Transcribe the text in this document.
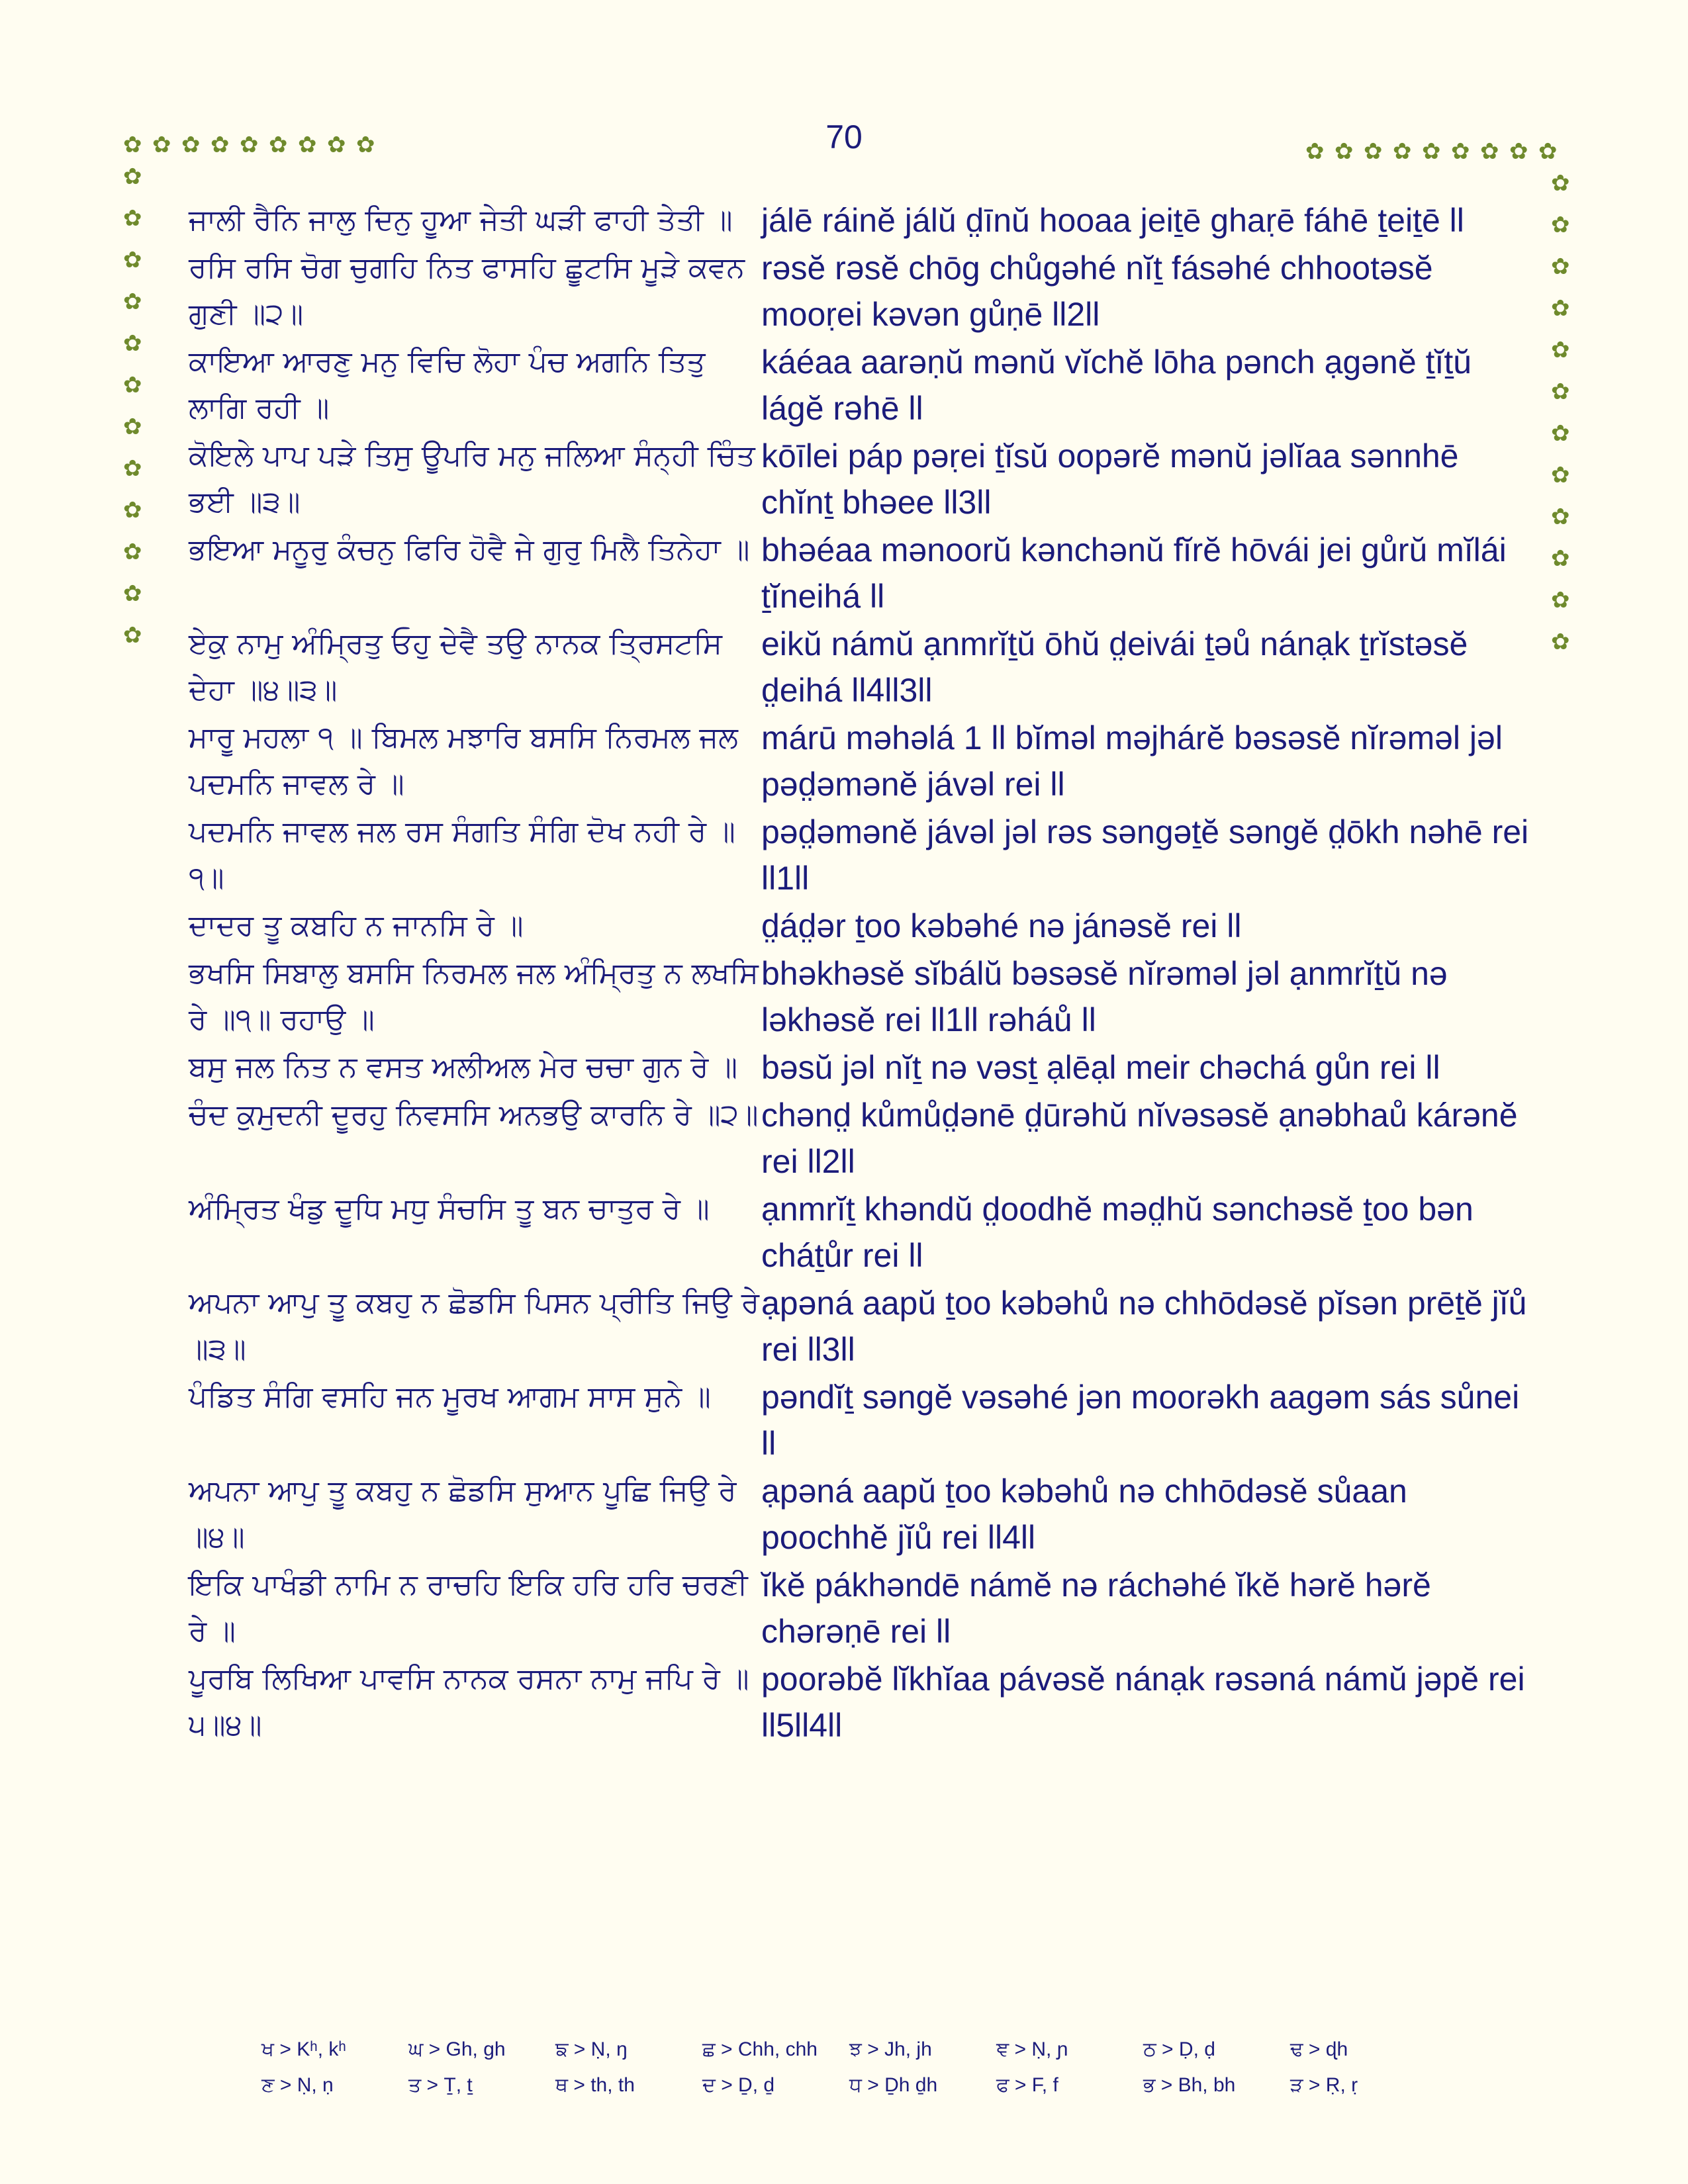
70
✿ ✿ ✿ ✿ ✿ ✿ ✿ ✿ ✿
✿
✿
✿
✿
✿
✿
✿
✿
✿
✿
✿
✿
✿ ✿ ✿ ✿ ✿ ✿ ✿ ✿ ✿
✿
✿
✿
✿
✿
✿
✿
✿
✿
✿
✿
✿
ਜਾਲੀ ਰੈਨਿ ਜਾਲੁ ਦਿਨੁ ਹੂਆ ਜੇਤੀ ਘੜੀ ਫਾਹੀ ਤੇਤੀ ॥ jálē ráinĕ jálŭ d̤īnŭ hooaa jeiṯē ghaṛē fáhē ṯeiṯē ll
ਰਸਿ ਰਸਿ ਚੋਗ ਚੁਗਹਿ ਨਿਤ ਫਾਸਹਿ ਛੂਟਸਿ ਮੂੜੇ ਕਵਨ ਗੁਣੀ ॥੨॥
rəsĕ rəsĕ chōg chůgəhé nĭṯ fásəhé chhootəsĕ mooṛei kəvən gůṇē ll2ll
ਕਾਇਆ ਆਰਣੁ ਮਨੁ ਵਿਚਿ ਲੋਹਾ ਪੰਚ ਅਗਨਿ ਤਿਤੁ ਲਾਗਿ ਰਹੀ ॥
káéaa aarəṇŭ mənŭ vĭchĕ lōha pənch ạgənĕ ṯĭṯŭ lágĕ rəhē ll
ਕੋਇਲੇ ਪਾਪ ਪੜੇ ਤਿਸੁ ਊਪਰਿ ਮਨੁ ਜਲਿਆ ਸੰਨ੍ਹੀ ਚਿੰਤ ਭਈ ॥੩॥
kōīlei páp pəṛei ṯĭsŭ oopərĕ mənŭ jəlĭaa sənnhē chĭnṯ bhəee ll3ll
ਭਇਆ ਮਨੂਰੁ ਕੰਚਨੁ ਫਿਰਿ ਹੋਵੈ ਜੇ ਗੁਰੁ ਮਿਲੈ ਤਿਨੇਹਾ ॥ bhəéaa mənoorŭ kənchənŭ fĭrĕ hōvái jei gůrŭ mĭlái ṯĭneihá ll
ਏਕੁ ਨਾਮੁ ਅੰਮ੍ਰਿਤੁ ਓਹੁ ਦੇਵੈ ਤਉ ਨਾਨਕ ਤ੍ਰਿਸਟਸਿ ਦੇਹਾ ॥੪॥੩॥
eikŭ námŭ ạnmrĭṯŭ ōhŭ d̤eivái ṯəů nánạk ṯrĭstəsĕ d̤eihá ll4ll3ll
ਮਾਰੂ ਮਹਲਾ ੧ ॥ ਬਿਮਲ ਮਝਾਰਿ ਬਸਸਿ ਨਿਰਮਲ ਜਲ ਪਦਮਨਿ ਜਾਵਲ ਰੇ ॥
márū məhəlá 1 ll bĭməl məjhárĕ bəsəsĕ nĭrəməl jəl pəd̤əmənĕ jávəl rei ll
ਪਦਮਨਿ ਜਾਵਲ ਜਲ ਰਸ ਸੰਗਤਿ ਸੰਗਿ ਦੋਖ ਨਹੀ ਰੇ ॥੧॥
pəd̤əmənĕ jávəl jəl rəs səngəṯĕ səngĕ d̤ōkh nəhē rei ll1ll
ਦਾਦਰ ਤੂ ਕਬਹਿ ਨ ਜਾਨਸਿ ਰੇ ॥	d̤ád̤ər ṯoo kəbəhé nə jánəsĕ rei ll
ਭਖਸਿ ਸਿਬਾਲੁ ਬਸਸਿ ਨਿਰਮਲ ਜਲ ਅੰਮ੍ਰਿਤੁ ਨ ਲਖਸਿ ਰੇ ॥੧॥ ਰਹਾਉ ॥
bhəkhəsĕ sĭbálŭ bəsəsĕ nĭrəməl jəl ạnmrĭṯŭ nə ləkhəsĕ rei ll1ll rəháů ll
ਬਸੁ ਜਲ ਨਿਤ ਨ ਵਸਤ ਅਲੀਅਲ ਮੇਰ ਚਚਾ ਗੁਨ ਰੇ ॥ bəsŭ jəl nĭṯ nə vəsṯ ạlēạl meir chəchá gůn rei ll
ਚੰਦ ਕੁਮੁਦਨੀ ਦੂਰਹੁ ਨਿਵਸਸਿ ਅਨਭਉ ਕਾਰਨਿ ਰੇ ॥੨॥ chənd̤ kůmůd̤ənē d̤ūrəhŭ nĭvəsəsĕ ạnəbhaů kárənĕ rei ll2ll
ਅੰਮ੍ਰਿਤ ਖੰਡੁ ਦੂਧਿ ਮਧੁ ਸੰਚਸਿ ਤੂ ਬਨ ਚਾਤੁਰ ਰੇ ॥	ạnmrĭṯ khəndŭ d̤oodhĕ məd̤hŭ sənchəsĕ ṯoo bən cháṯůr rei ll
ਅਪਨਾ ਆਪੁ ਤੂ ਕਬਹੁ ਨ ਛੋਡਸਿ ਪਿਸਨ ਪ੍ਰੀਤਿ ਜਿਉ ਰੇ ॥੩॥
ạpəná aapŭ ṯoo kəbəhů nə chhōdəsĕ pĭsən prēṯĕ jĭů rei ll3ll
ਪੰਡਿਤ ਸੰਗਿ ਵਸਹਿ ਜਨ ਮੂਰਖ ਆਗਮ ਸਾਸ ਸੁਨੇ ॥	pəndĭṯ səngĕ vəsəhé jən moorəkh aagəm sás sůnei ll
ਅਪਨਾ ਆਪੁ ਤੂ ਕਬਹੁ ਨ ਛੋਡਸਿ ਸੁਆਨ ਪੂਛਿ ਜਿਉ ਰੇ ॥੪॥
ạpəná aapŭ ṯoo kəbəhů nə chhōdəsĕ sůaan poochhĕ jĭů rei ll4ll
ਇਕਿ ਪਾਖੰਡੀ ਨਾਮਿ ਨ ਰਾਚਹਿ ਇਕਿ ਹਰਿ ਹਰਿ ਚਰਣੀ ਰੇ ॥
ĭkĕ pákhəndē námĕ nə ráchəhé ĭkĕ hərĕ hərĕ chərəṇē rei ll
ਪੂਰਬਿ ਲਿਖਿਆ ਪਾਵਸਿ ਨਾਨਕ ਰਸਨਾ ਨਾਮੁ ਜਪਿ ਰੇ ॥੫॥੪॥
poorəbĕ lĭkhĭaa pávəsĕ nánạk rəsəná námŭ jəpĕ rei ll5ll4ll
ਖ > Kʰ, kʰ	ਘ > Gh, gh	ਙ > Ṇ, ŋ	ਛ > Chh, chh	ਝ > Jh, jh	ਞ > Ṇ, ɲ	ਠ > Ḍ, ḍ	ਢ > ɖh
ਣ > Ṇ, ṇ	ਤ > Ṯ, ṯ	ਥ > th, th	ਦ > Ḏ, ḏ	ਧ > Ḏh ḏh	ਫ > F, f	ਭ > Bh, bh	ੜ > Ṛ, ṛ
